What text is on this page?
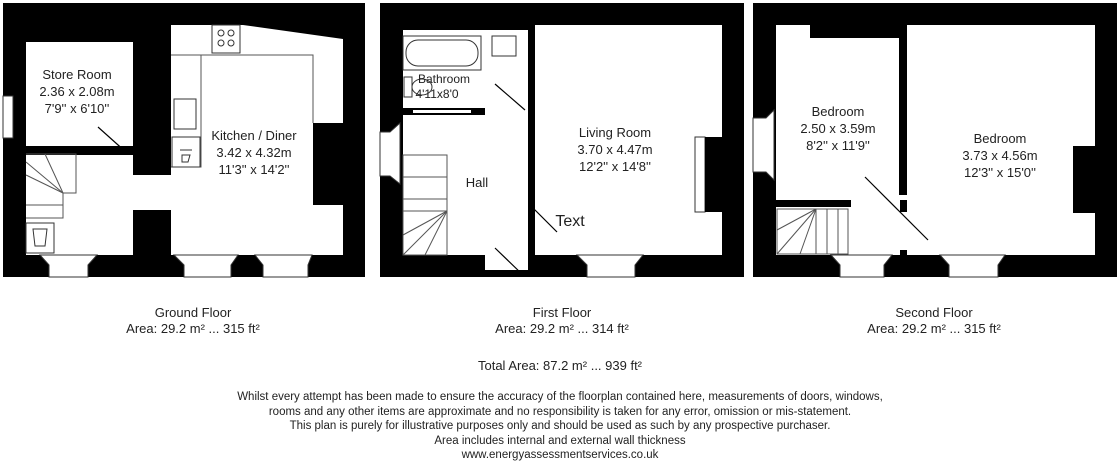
Store Room
2.36 x 2.08m
7'9'' x 6'10''
Kitchen / Diner
3.42 x 4.32m
11'3'' x 14'2''
Bathroom
4'11x8'0
Living Room
3.70 x 4.47m
12'2'' x 14'8''
Hall
Text
Bedroom
2.50 x 3.59m
8'2'' x 11'9''	Bedroom
3.73 x 4.56m
12'3'' x 15'0''
Ground Floor
Area: 29.2 m² ... 315 ft²
First Floor
Area: 29.2 m² ... 314 ft²
Second Floor
Area: 29.2 m² ... 315 ft²
Total Area: 87.2 m² ... 939 ft²
Whilst every attempt has been made to ensure the accuracy of the floorplan contained here, measurements of doors, windows,
rooms and any other items are approximate and no responsibility is taken for any error, omission or mis-statement.
This plan is purely for illustrative purposes only and should be used as such by any prospective purchaser.
Area includes internal and external wall thickness
www.energyassessmentservices.co.uk
